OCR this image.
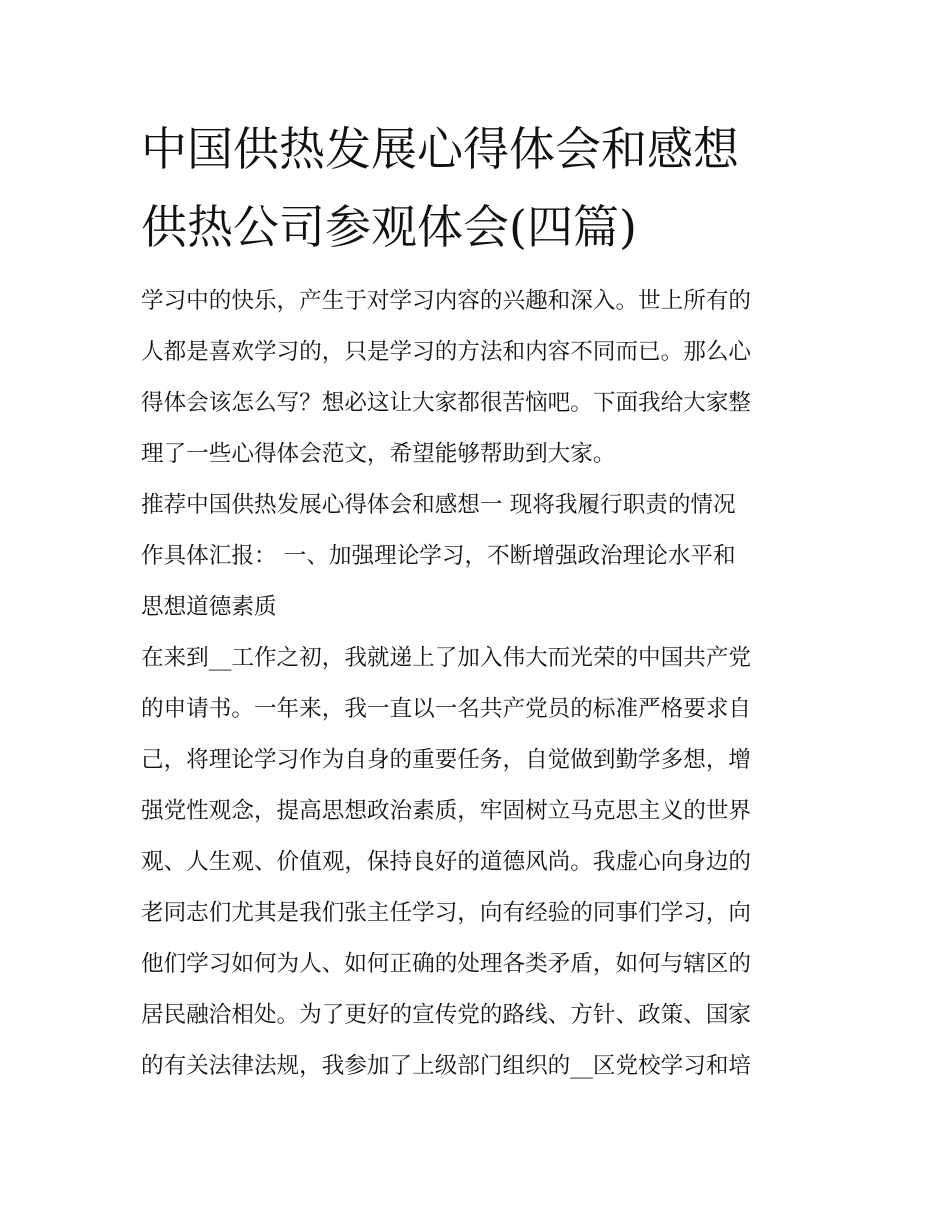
中国供热发展心得体会和感想
供热公司参观体会(四篇)

学习中的快乐，产生于对学习内容的兴趣和深入。世上所有的
人都是喜欢学习的，只是学习的方法和内容不同而已。那么心
得体会该怎么写？想必这让大家都很苦恼吧。下面我给大家整
理了一些心得体会范文，希望能够帮助到大家。

推荐中国供热发展心得体会和感想一 现将我履行职责的情况
作具体汇报： 一、加强理论学习，不断增强政治理论水平和
思想道德素质

在来到__工作之初，我就递上了加入伟大而光荣的中国共产党
的申请书。一年来，我一直以一名共产党员的标准严格要求自
己，将理论学习作为自身的重要任务，自觉做到勤学多想，增
强党性观念，提高思想政治素质，牢固树立马克思主义的世界
观、人生观、价值观，保持良好的道德风尚。我虚心向身边的
老同志们尤其是我们张主任学习，向有经验的同事们学习，向
他们学习如何为人、如何正确的处理各类矛盾，如何与辖区的
居民融洽相处。为了更好的宣传党的路线、方针、政策、国家
的有关法律法规，我参加了上级部门组织的__区党校学习和培
